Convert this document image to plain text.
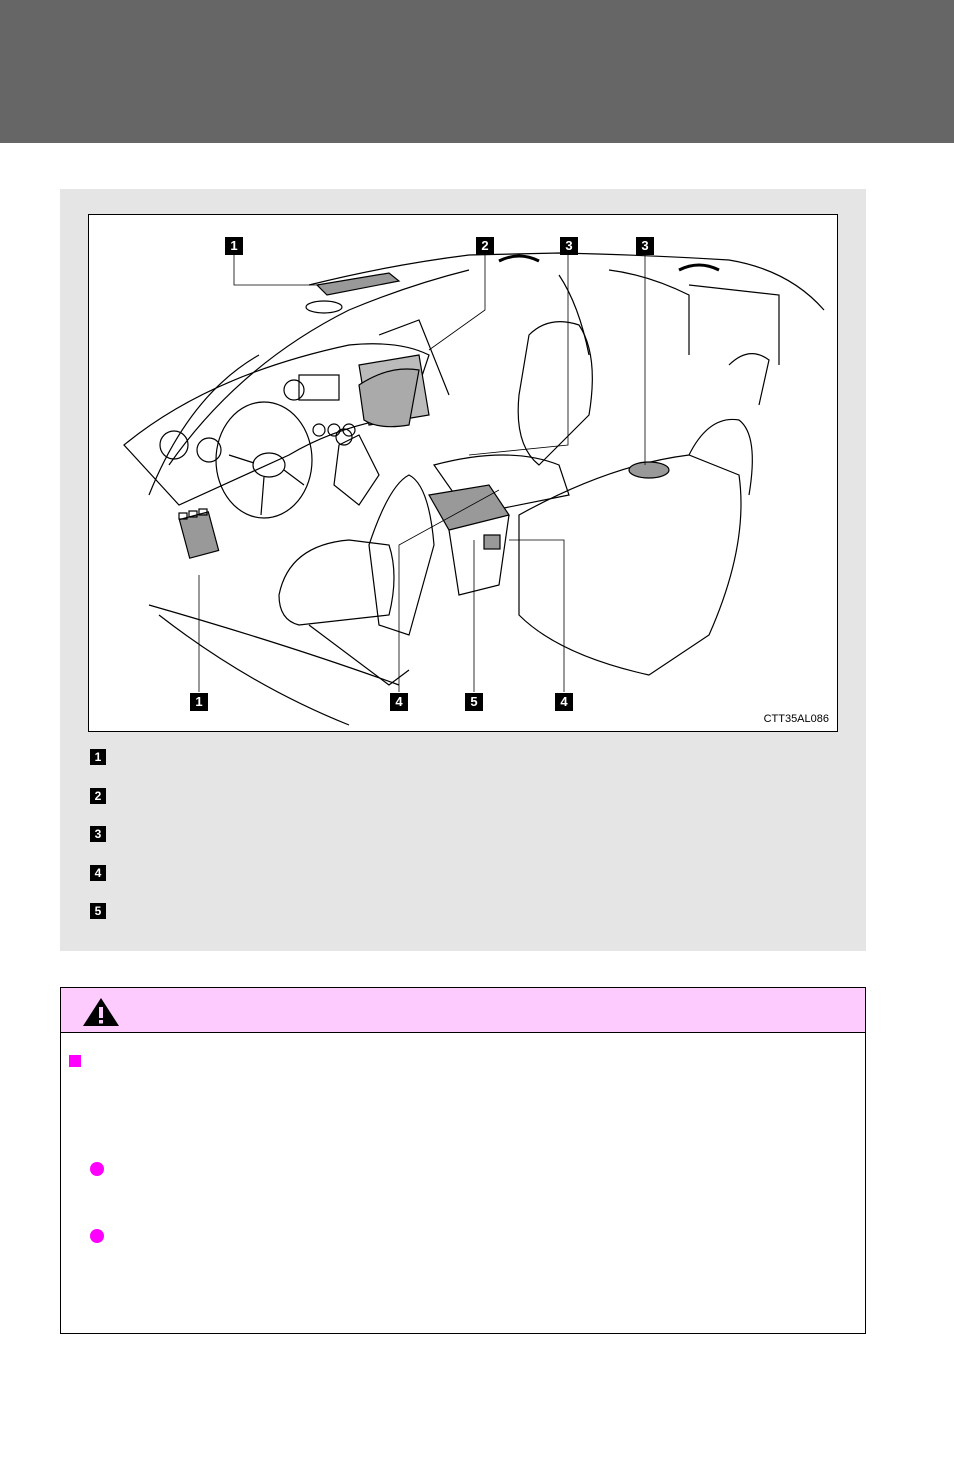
1	2	3	3
1	4	5	4
CTT35AL086
1
2
3
4
5
